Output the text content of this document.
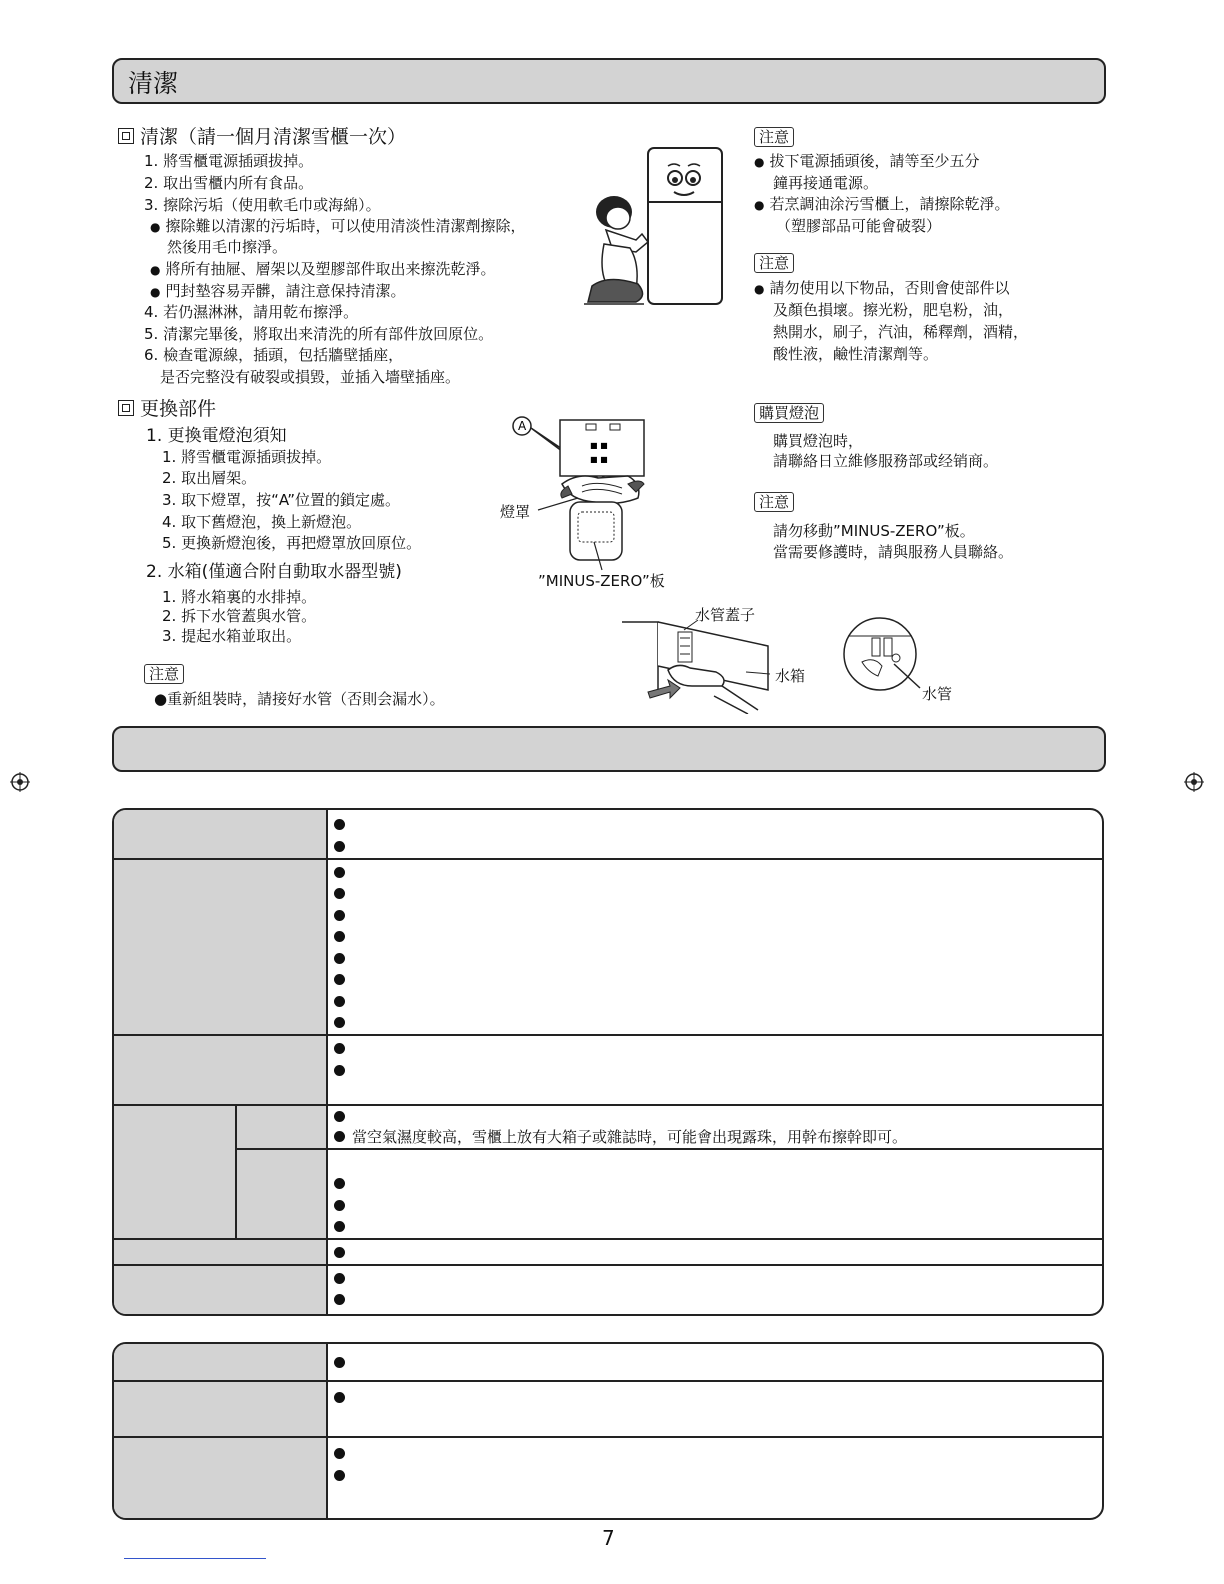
清潔
清潔（請一個月清潔雪櫃一次）
1. 將雪櫃電源插頭拔掉。
2. 取出雪櫃内所有食品。
3. 擦除污垢（使用軟毛巾或海綿）。
● 擦除難以清潔的污垢時，可以使用清淡性清潔劑擦除，
然後用毛巾擦淨。
● 將所有抽屜、層架以及塑膠部件取出来擦洗乾淨。
● 門封墊容易弄髒，請注意保持清潔。
4. 若仍濕淋淋，請用乾布擦淨。
5. 清潔完畢後，將取出来清洗的所有部件放回原位。
6. 檢查電源線，插頭，包括牆壁插座，
是否完整没有破裂或損毀，並插入墻壁插座。
注意
● 拔下電源插頭後，請等至少五分
鐘再接通電源。
● 若烹調油涂污雪櫃上，請擦除乾淨。
（塑膠部品可能會破裂）
注意
● 請勿使用以下物品，否則會使部件以
及顏色損壞。擦光粉，肥皂粉，油，
熱開水，刷子，汽油，稀釋劑，酒精，
酸性液，鹼性清潔劑等。
購買燈泡
購買燈泡時，
請聯絡日立維修服務部或经销商。
注意
請勿移動”MINUS-ZERO”板。
當需要修護時，請與服務人員聯絡。
更換部件
1. 更換電燈泡須知
1. 將雪櫃電源插頭拔掉。
2. 取出層架。
3. 取下燈罩，按“A”位置的鎖定處。
4. 取下舊燈泡，換上新燈泡。
5. 更換新燈泡後，再把燈罩放回原位。
2. 水箱(僅適合附自動取水器型號)
1. 將水箱裏的水排掉。
2. 拆下水管蓋與水管。
3. 提起水箱並取出。
注意
●重新組裝時，請接好水管（否則会漏水）。
■ ■
■ ■
A
燈罩
”MINUS-ZERO”板
水管蓋子
水箱
水管
當空氣濕度較高，雪櫃上放有大箱子或雜誌時，可能會出現露珠，用幹布擦幹即可。
7
